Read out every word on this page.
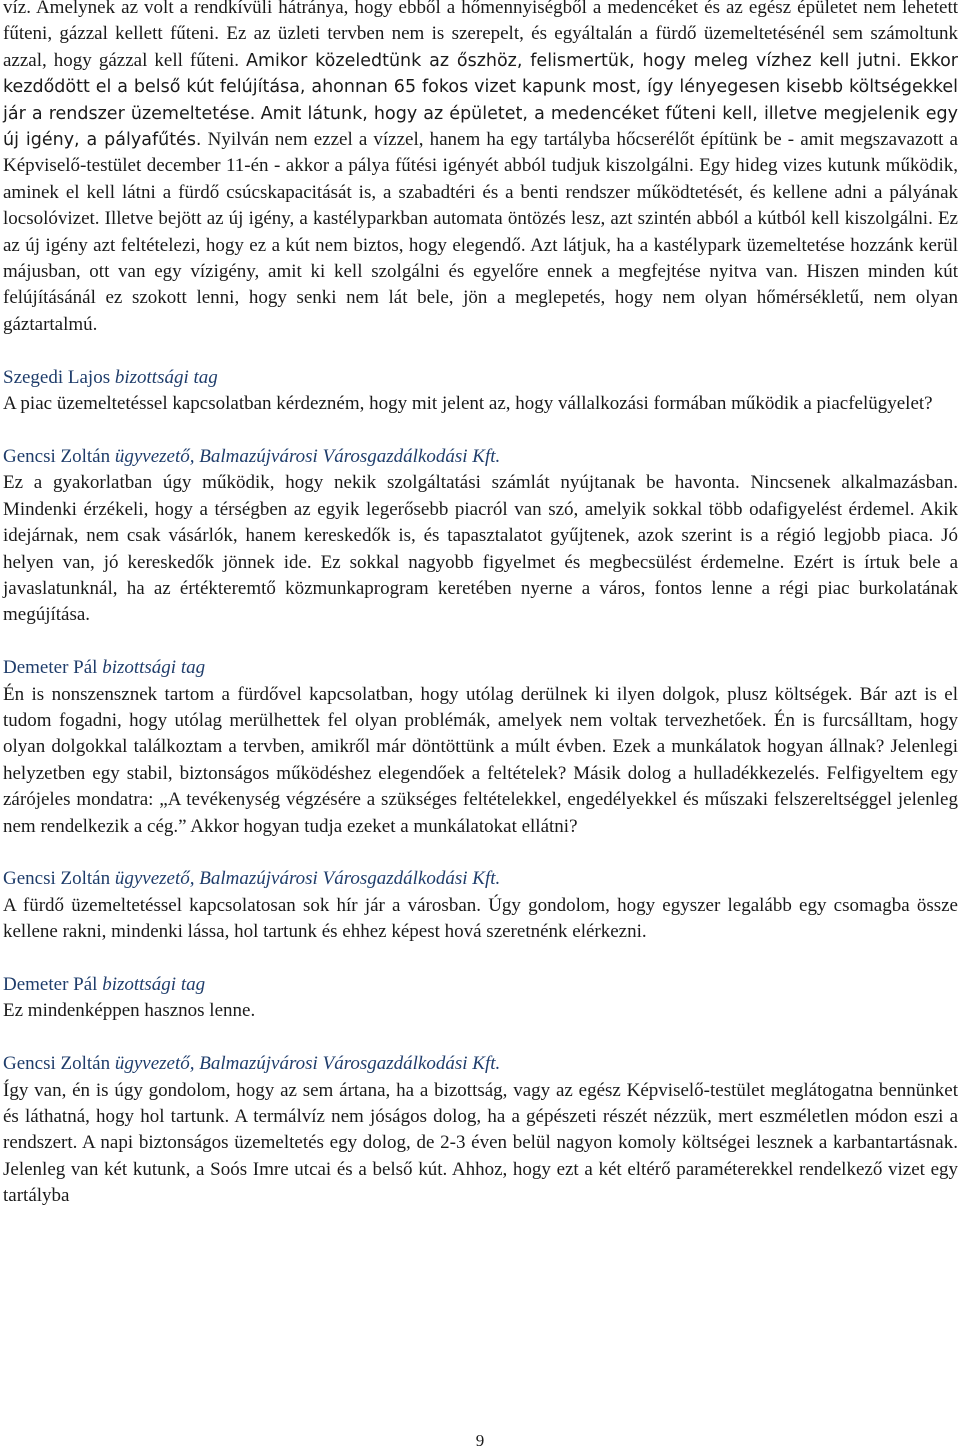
víz. Amelynek az volt a rendkívüli hátránya, hogy ebből a hőmennyiségből a medencéket és az egész épületet nem lehetett fűteni, gázzal kellett fűteni. Ez az üzleti tervben nem is szerepelt, és egyáltalán a fürdő üzemeltetésénél sem számoltunk azzal, hogy gázzal kell fűteni. Amikor közeledtünk az őszhöz, felismertük, hogy meleg vízhez kell jutni. Ekkor kezdődött el a belső kút felújítása, ahonnan 65 fokos vizet kapunk most, így lényegesen kisebb költségekkel jár a rendszer üzemeltetése. Amit látunk, hogy az épületet, a medencéket fűteni kell, illetve megjelenik egy új igény, a pályafűtés. Nyilván nem ezzel a vízzel, hanem ha egy tartályba hőcserélőt építünk be - amit megszavazott a Képviselő-testület december 11-én - akkor a pálya fűtési igényét abból tudjuk kiszolgálni. Egy hideg vizes kutunk működik, aminek el kell látni a fürdő csúcskapacitását is, a szabadtéri és a benti rendszer működtetését, és kellene adni a pályának locsolóvizet. Illetve bejött az új igény, a kastélyparkban automata öntözés lesz, azt szintén abból a kútból kell kiszolgálni. Ez az új igény azt feltételezi, hogy ez a kút nem biztos, hogy elegendő. Azt látjuk, ha a kastélypark üzemeltetése hozzánk kerül májusban, ott van egy vízigény, amit ki kell szolgálni és egyelőre ennek a megfejtése nyitva van. Hiszen minden kút felújításánál ez szokott lenni, hogy senki nem lát bele, jön a meglepetés, hogy nem olyan hőmérsékletű, nem olyan gáztartalmú.

Szegedi Lajos bizottsági tag

A piac üzemeltetéssel kapcsolatban kérdezném, hogy mit jelent az, hogy vállalkozási formában működik a piacfelügyelet?

Gencsi Zoltán ügyvezető, Balmazújvárosi Városgazdálkodási Kft.

Ez a gyakorlatban úgy működik, hogy nekik szolgáltatási számlát nyújtanak be havonta. Nincsenek alkalmazásban. Mindenki érzékeli, hogy a térségben az egyik legerősebb piacról van szó, amelyik sokkal több odafigyelést érdemel. Akik idejárnak, nem csak vásárlók, hanem kereskedők is, és tapasztalatot gyűjtenek, azok szerint is a régió legjobb piaca. Jó helyen van, jó kereskedők jönnek ide. Ez sokkal nagyobb figyelmet és megbecsülést érdemelne. Ezért is írtuk bele a javaslatunknál, ha az értékteremtő közmunkaprogram keretében nyerne a város, fontos lenne a régi piac burkolatának megújítása.

Demeter Pál bizottsági tag

Én is nonszensznek tartom a fürdővel kapcsolatban, hogy utólag derülnek ki ilyen dolgok, plusz költségek. Bár azt is el tudom fogadni, hogy utólag merülhettek fel olyan problémák, amelyek nem voltak tervezhetőek. Én is furcsálltam, hogy olyan dolgokkal találkoztam a tervben, amikről már döntöttünk a múlt évben. Ezek a munkálatok hogyan állnak? Jelenlegi helyzetben egy stabil, biztonságos működéshez elegendőek a feltételek? Másik dolog a hulladékkezelés. Felfigyeltem egy zárójeles mondatra: „A tevékenység végzésére a szükséges feltételekkel, engedélyekkel és műszaki felszereltséggel jelenleg nem rendelkezik a cég.” Akkor hogyan tudja ezeket a munkálatokat ellátni?

Gencsi Zoltán ügyvezető, Balmazújvárosi Városgazdálkodási Kft.

A fürdő üzemeltetéssel kapcsolatosan sok hír jár a városban. Úgy gondolom, hogy egyszer legalább egy csomagba össze kellene rakni, mindenki lássa, hol tartunk és ehhez képest hová szeretnénk elérkezni.

Demeter Pál bizottsági tag

Ez mindenképpen hasznos lenne.

Gencsi Zoltán ügyvezető, Balmazújvárosi Városgazdálkodási Kft.

Így van, én is úgy gondolom, hogy az sem ártana, ha a bizottság, vagy az egész Képviselő-testület meglátogatna bennünket és láthatná, hogy hol tartunk. A termálvíz nem jóságos dolog, ha a gépészeti részét nézzük, mert eszméletlen módon eszi a rendszert. A napi biztonságos üzemeltetés egy dolog, de 2-3 éven belül nagyon komoly költségei lesznek a karbantartásnak. Jelenleg van két kutunk, a Soós Imre utcai és a belső kút. Ahhoz, hogy ezt a két eltérő paraméterekkel rendelkező vizet egy tartályba

9
